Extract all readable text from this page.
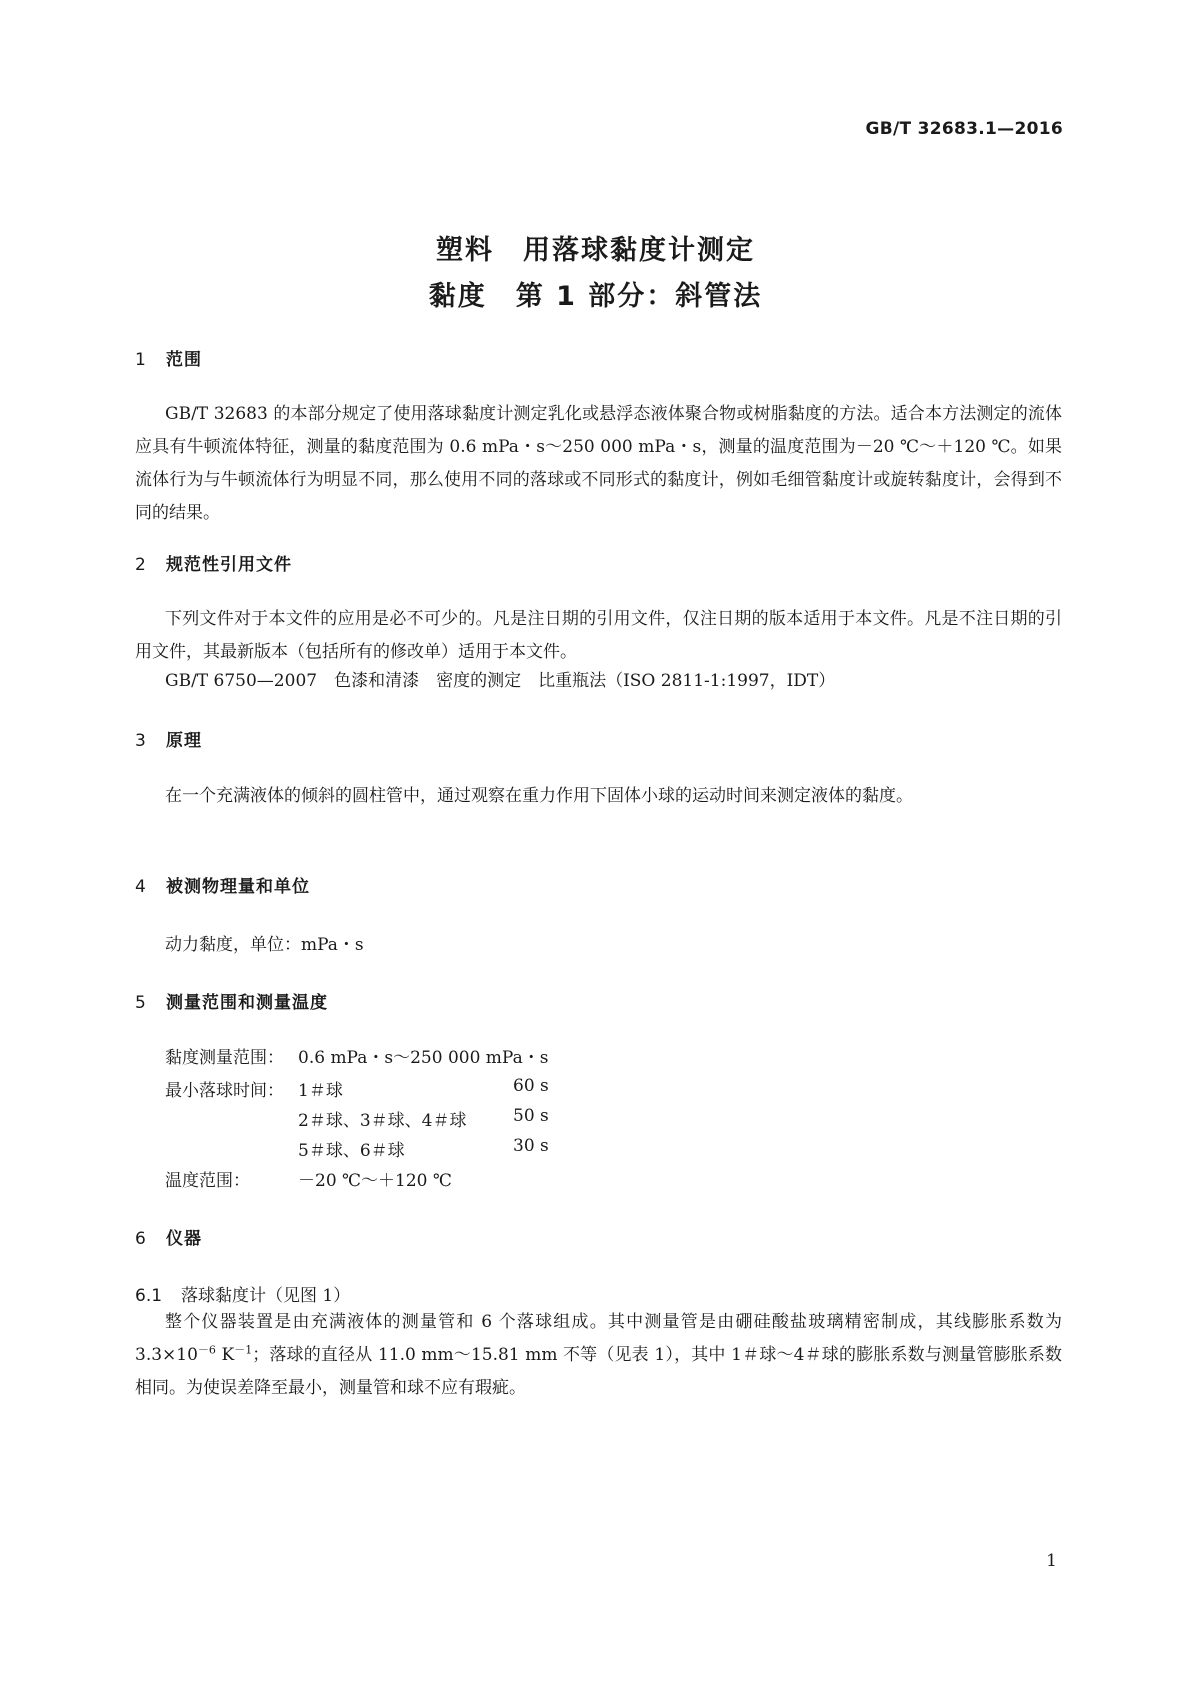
GB/T 32683.1—2016
塑料　用落球黏度计测定
黏度　第 1 部分：斜管法
1 范围

GB/T 32683 的本部分规定了使用落球黏度计测定乳化或悬浮态液体聚合物或树脂黏度的方法。适合本方法测定的流体应具有牛顿流体特征，测量的黏度范围为 0.6 mPa・s～250 000 mPa・s，测量的温度范围为－20 ℃～＋120 ℃。如果流体行为与牛顿流体行为明显不同，那么使用不同的落球或不同形式的黏度计，例如毛细管黏度计或旋转黏度计，会得到不同的结果。

2 规范性引用文件

下列文件对于本文件的应用是必不可少的。凡是注日期的引用文件，仅注日期的版本适用于本文件。凡是不注日期的引用文件，其最新版本（包括所有的修改单）适用于本文件。

GB/T 6750—2007　色漆和清漆　密度的测定　比重瓶法（ISO 2811-1:1997，IDT）
3 原理

在一个充满液体的倾斜的圆柱管中，通过观察在重力作用下固体小球的运动时间来测定液体的黏度。

4 被测物理量和单位
动力黏度，单位：mPa・s
5 测量范围和测量温度
黏度测量范围： 0.6 mPa・s～250 000 mPa・s
最小落球时间： 1＃球	60 s
2＃球、3＃球、4＃球	50 s
5＃球、6＃球	30 s
温度范围：	－20 ℃～＋120 ℃
6 仪器
6.1 落球黏度计（见图 1）

整个仪器装置是由充满液体的测量管和 6 个落球组成。其中测量管是由硼硅酸盐玻璃精密制成，其线膨胀系数为 $3.3\times 10^{-6}$ $K^{-1}$；落球的直径从 11.0 mm～15.81 mm 不等（见表 1），其中 1＃球～4＃球的膨胀系数与测量管膨胀系数相同。为使误差降至最小，测量管和球不应有瑕疵。

1
